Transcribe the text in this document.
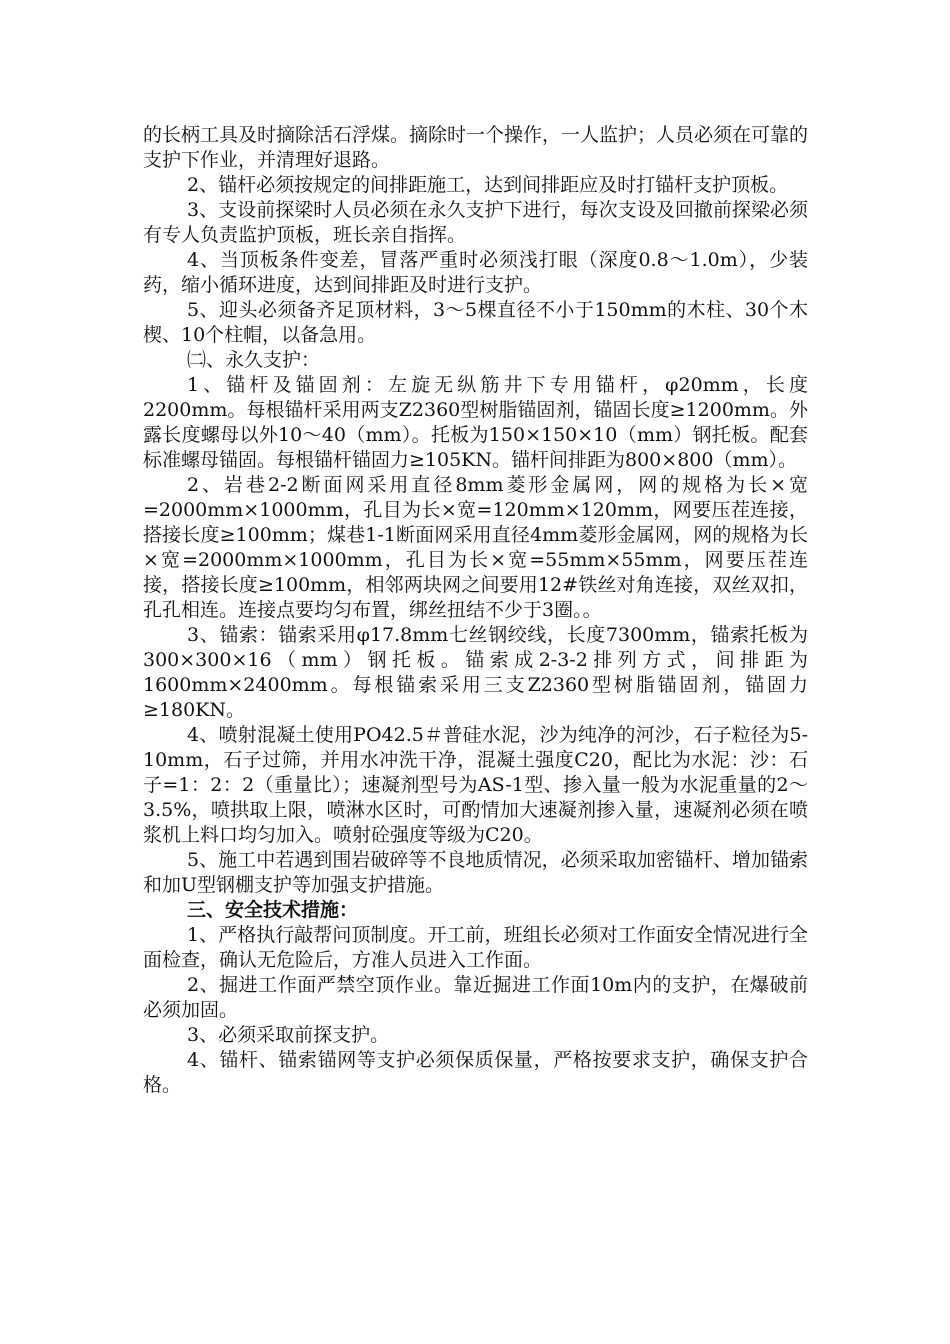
的长柄工具及时摘除活石浮煤。摘除时一个操作，一人监护；人员必须在可靠的支护下作业，并清理好退路。

2、锚杆必须按规定的间排距施工，达到间排距应及时打锚杆支护顶板。

3、支设前探梁时人员必须在永久支护下进行，每次支设及回撤前探梁必须有专人负责监护顶板，班长亲自指挥。

4、当顶板条件变差，冒落严重时必须浅打眼（深度0.8～1.0m），少装药，缩小循环进度，达到间排距及时进行支护。

5、迎头必须备齐足顶材料，3～5棵直径不小于150mm的木柱、30个木楔、10个柱帽，以备急用。

㈡、永久支护：

1、锚杆及锚固剂：左旋无纵筋井下专用锚杆，φ20mm，长度2200mm。每根锚杆采用两支Z2360型树脂锚固剂，锚固长度≥1200mm。外露长度螺母以外10～40（mm）。托板为150×150×10（mm）钢托板。配套标准螺母锚固。每根锚杆锚固力≥105KN。锚杆间排距为800×800（mm）。

2、岩巷2-2断面网采用直径8mm菱形金属网，网的规格为长×宽=2000mm×1000mm，孔目为长×宽=120mm×120mm，网要压茬连接，搭接长度≥100mm；煤巷1-1断面网采用直径4mm菱形金属网，网的规格为长×宽=2000mm×1000mm，孔目为长×宽=55mm×55mm，网要压茬连接，搭接长度≥100mm，相邻两块网之间要用12#铁丝对角连接，双丝双扣，孔孔相连。连接点要均匀布置，绑丝扭结不少于3圈。。

3、锚索：锚索采用φ17.8mm七丝钢绞线，长度7300mm，锚索托板为300×300×16（mm）钢托板。锚索成2-3-2排列方式，间排距为1600mm×2400mm。每根锚索采用三支Z2360型树脂锚固剂，锚固力≥180KN。

4、喷射混凝土使用PO42.5＃普硅水泥，沙为纯净的河沙，石子粒径为5-10mm，石子过筛，并用水冲洗干净，混凝土强度C20，配比为水泥：沙：石子=1：2：2（重量比）；速凝剂型号为AS-1型、掺入量一般为水泥重量的2～3.5%，喷拱取上限，喷淋水区时，可酌情加大速凝剂掺入量，速凝剂必须在喷浆机上料口均匀加入。喷射砼强度等级为C20。

5、施工中若遇到围岩破碎等不良地质情况，必须采取加密锚杆、增加锚索和加U型钢棚支护等加强支护措施。

三、安全技术措施：

1、严格执行敲帮问顶制度。开工前，班组长必须对工作面安全情况进行全面检查，确认无危险后，方准人员进入工作面。

2、掘进工作面严禁空顶作业。靠近掘进工作面10m内的支护，在爆破前必须加固。

3、必须采取前探支护。

4、锚杆、锚索锚网等支护必须保质保量，严格按要求支护，确保支护合格。
